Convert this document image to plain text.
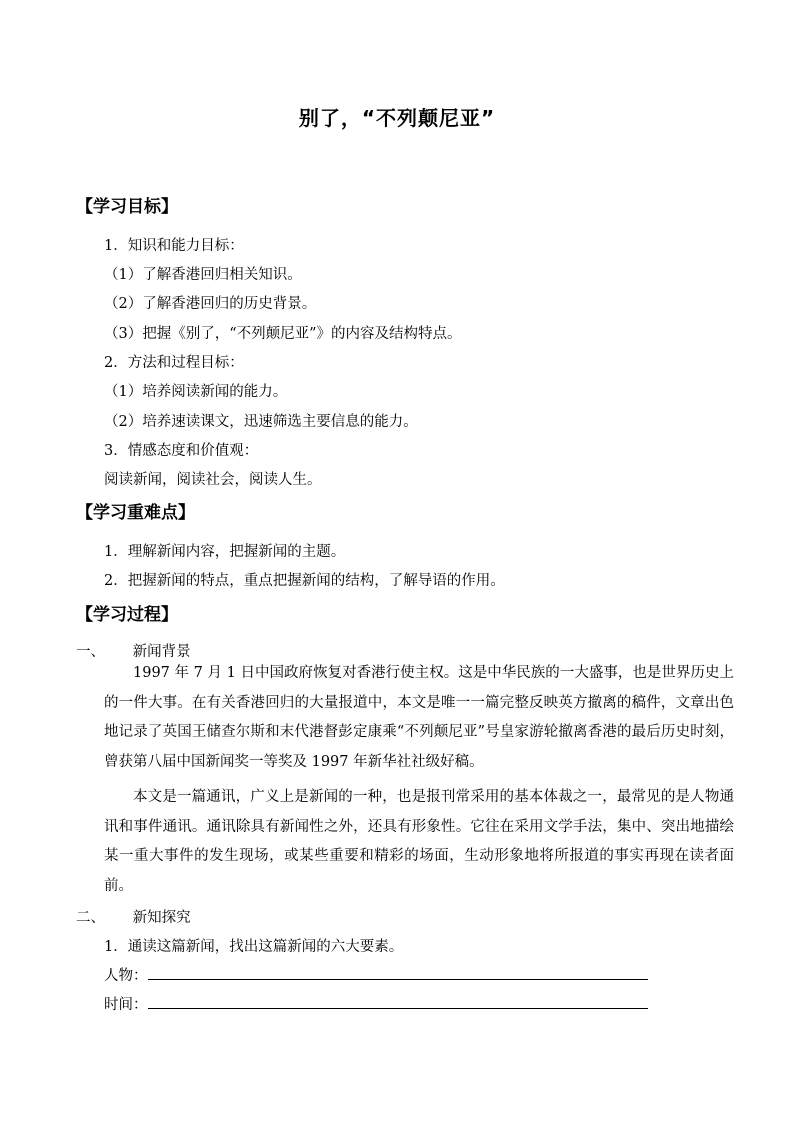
别了，“不列颠尼亚”
【学习目标】
1．知识和能力目标：
（1）了解香港回归相关知识。
（2）了解香港回归的历史背景。
（3）把握《别了，“不列颠尼亚”》的内容及结构特点。
2．方法和过程目标：
（1）培养阅读新闻的能力。
（2）培养速读课文，迅速筛选主要信息的能力。
3．情感态度和价值观：
阅读新闻，阅读社会，阅读人生。
【学习重难点】
1．理解新闻内容，把握新闻的主题。
2．把握新闻的特点，重点把握新闻的结构，了解导语的作用。
【学习过程】
一、 新闻背景
1997 年 7 月 1 日中国政府恢复对香港行使主权。这是中华民族的一大盛事，也是世界历史上的一件大事。在有关香港回归的大量报道中，本文是唯一一篇完整反映英方撤离的稿件，文章出色地记录了英国王储查尔斯和末代港督彭定康乘“不列颠尼亚”号皇家游轮撤离香港的最后历史时刻，曾获第八届中国新闻奖一等奖及 1997 年新华社社级好稿。
本文是一篇通讯，广义上是新闻的一种，也是报刊常采用的基本体裁之一，最常见的是人物通讯和事件通讯。通讯除具有新闻性之外，还具有形象性。它往在采用文学手法，集中、突出地描绘某一重大事件的发生现场，或某些重要和精彩的场面，生动形象地将所报道的事实再现在读者面前。
二、 新知探究
1．通读这篇新闻，找出这篇新闻的六大要素。
人物：
时间：
